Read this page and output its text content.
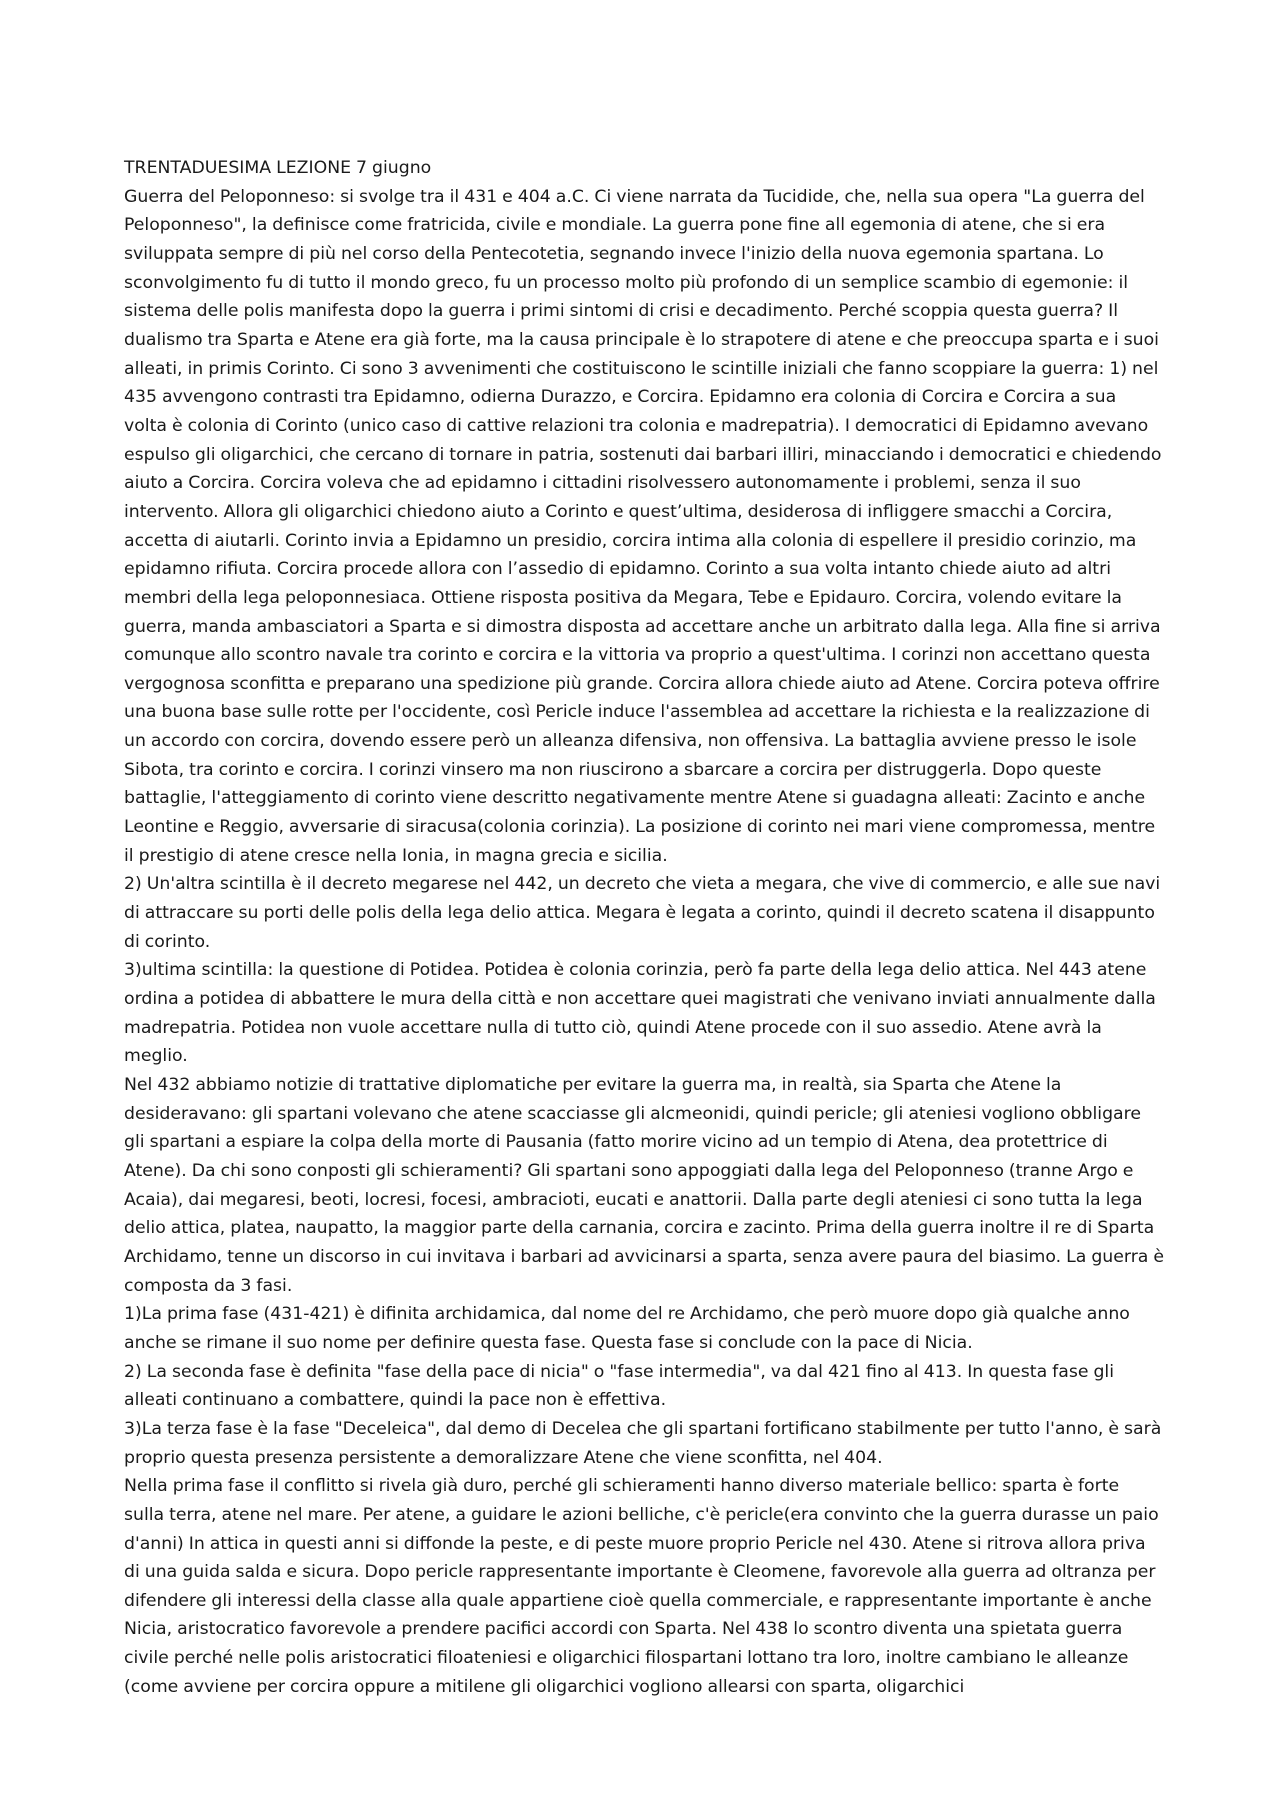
TRENTADUESIMA LEZIONE 7 giugno

Guerra del Peloponneso: si svolge tra il 431 e 404 a.C. Ci viene narrata da Tucidide, che, nella sua opera "La guerra del Peloponneso", la definisce come fratricida, civile e mondiale. La guerra pone fine all egemonia di atene, che si era sviluppata sempre di più nel corso della Pentecotetia, segnando invece l'inizio della nuova egemonia spartana. Lo sconvolgimento fu di tutto il mondo greco, fu un processo molto più profondo di un semplice scambio di egemonie: il sistema delle polis manifesta dopo la guerra i primi sintomi di crisi e decadimento. Perché scoppia questa guerra? Il dualismo tra Sparta e Atene era già forte, ma la causa principale è lo strapotere di atene e che preoccupa sparta e i suoi alleati, in primis Corinto. Ci sono 3 avvenimenti che costituiscono le scintille iniziali che fanno scoppiare la guerra: 1) nel 435 avvengono contrasti tra Epidamno, odierna Durazzo, e Corcira. Epidamno era colonia di Corcira e Corcira a sua volta è colonia di Corinto (unico caso di cattive relazioni tra colonia e madrepatria). I democratici di Epidamno avevano espulso gli oligarchici, che cercano di tornare in patria, sostenuti dai barbari illiri, minacciando i democratici e chiedendo aiuto a Corcira. Corcira voleva che ad epidamno i cittadini risolvessero autonomamente i problemi, senza il suo intervento. Allora gli oligarchici chiedono aiuto a Corinto e quest’ultima, desiderosa di infliggere smacchi a Corcira, accetta di aiutarli. Corinto invia a Epidamno un presidio, corcira intima alla colonia di espellere il presidio corinzio, ma epidamno rifiuta. Corcira procede allora con l’assedio di epidamno. Corinto a sua volta intanto chiede aiuto ad altri membri della lega peloponnesiaca. Ottiene risposta positiva da Megara, Tebe e Epidauro. Corcira, volendo evitare la guerra, manda ambasciatori a Sparta e si dimostra disposta ad accettare anche un arbitrato dalla lega. Alla fine si arriva comunque allo scontro navale tra corinto e corcira e la vittoria va proprio a quest'ultima. I corinzi non accettano questa vergognosa sconfitta e preparano una spedizione più grande. Corcira allora chiede aiuto ad Atene. Corcira poteva offrire una buona base sulle rotte per l'occidente, così Pericle induce l'assemblea ad accettare la richiesta e la realizzazione di un accordo con corcira, dovendo essere però un alleanza difensiva, non offensiva. La battaglia avviene presso le isole Sibota, tra corinto e corcira. I corinzi vinsero ma non riuscirono a sbarcare a corcira per distruggerla. Dopo queste battaglie, l'atteggiamento di corinto viene descritto negativamente mentre Atene si guadagna alleati: Zacinto e anche Leontine e Reggio, avversarie di siracusa(colonia corinzia). La posizione di corinto nei mari viene compromessa, mentre il prestigio di atene cresce nella Ionia, in magna grecia e sicilia.

2) Un'altra scintilla è il decreto megarese nel 442, un decreto che vieta a megara, che vive di commercio, e alle sue navi di attraccare su porti delle polis della lega delio attica. Megara è legata a corinto, quindi il decreto scatena il disappunto di corinto.

3)ultima scintilla: la questione di Potidea. Potidea è colonia corinzia, però fa parte della lega delio attica. Nel 443 atene ordina a potidea di abbattere le mura della città e non accettare quei magistrati che venivano inviati annualmente dalla madrepatria. Potidea non vuole accettare nulla di tutto ciò, quindi Atene procede con il suo assedio. Atene avrà la meglio.

Nel 432 abbiamo notizie di trattative diplomatiche per evitare la guerra ma, in realtà, sia Sparta che Atene la desideravano: gli spartani volevano che atene scacciasse gli alcmeonidi, quindi pericle; gli ateniesi vogliono obbligare gli spartani a espiare la colpa della morte di Pausania (fatto morire vicino ad un tempio di Atena, dea protettrice di Atene). Da chi sono conposti gli schieramenti? Gli spartani sono appoggiati dalla lega del Peloponneso (tranne Argo e Acaia), dai megaresi, beoti, locresi, focesi, ambracioti, eucati e anattorii. Dalla parte degli ateniesi ci sono tutta la lega delio attica, platea, naupatto, la maggior parte della carnania, corcira e zacinto. Prima della guerra inoltre il re di Sparta Archidamo, tenne un discorso in cui invitava i barbari ad avvicinarsi a sparta, senza avere paura del biasimo. La guerra è composta da 3 fasi.

1)La prima fase (431-421) è difinita archidamica, dal nome del re Archidamo, che però muore dopo già qualche anno anche se rimane il suo nome per definire questa fase. Questa fase si conclude con la pace di Nicia.

2) La seconda fase è definita "fase della pace di nicia" o "fase intermedia", va dal 421 fino al 413. In questa fase gli alleati continuano a combattere, quindi la pace non è effettiva.

3)La terza fase è la fase "Deceleica", dal demo di Decelea che gli spartani fortificano stabilmente per tutto l'anno, è sarà proprio questa presenza persistente a demoralizzare Atene che viene sconfitta, nel 404.

Nella prima fase il conflitto si rivela già duro, perché gli schieramenti hanno diverso materiale bellico: sparta è forte sulla terra, atene nel mare. Per atene, a guidare le azioni belliche, c'è pericle(era convinto che la guerra durasse un paio d'anni) In attica in questi anni si diffonde la peste, e di peste muore proprio Pericle nel 430. Atene si ritrova allora priva di una guida salda e sicura. Dopo pericle rappresentante importante è Cleomene, favorevole alla guerra ad oltranza per difendere gli interessi della classe alla quale appartiene cioè quella commerciale, e rappresentante importante è anche Nicia, aristocratico favorevole a prendere pacifici accordi con Sparta. Nel 438 lo scontro diventa una spietata guerra civile perché nelle polis aristocratici filoateniesi e oligarchici filospartani lottano tra loro, inoltre cambiano le alleanze (come avviene per corcira oppure a mitilene gli oligarchici vogliono allearsi con sparta, oligarchici
